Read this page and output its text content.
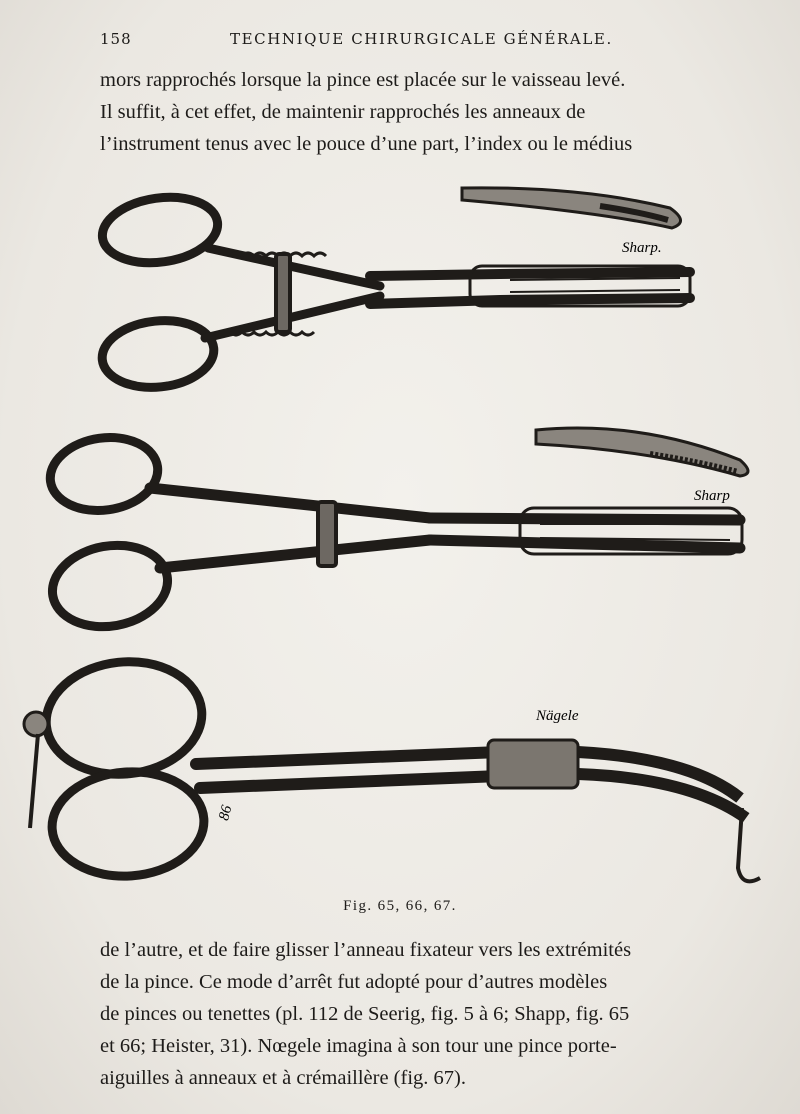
158	TECHNIQUE CHIRURGICALE GÉNÉRALE.

mors rapprochés lorsque la pince est placée sur le vaisseau levé.

Il suffit, à cet effet, de maintenir rapprochés les anneaux de

l’instrument tenus avec le pouce d’une part, l’index ou le médius

Sharp.
Sharp
Nägele
86
Fig. 65, 66, 67.

de l’autre, et de faire glisser l’anneau fixateur vers les extrémités

de la pince. Ce mode d’arrêt fut adopté pour d’autres modèles

de pinces ou tenettes (pl. 112 de Seerig, fig. 5 à 6; Shapp, fig. 65

et 66; Heister, 31). Nœgele imagina à son tour une pince porte-

aiguilles à anneaux et à crémaillère (fig. 67).
